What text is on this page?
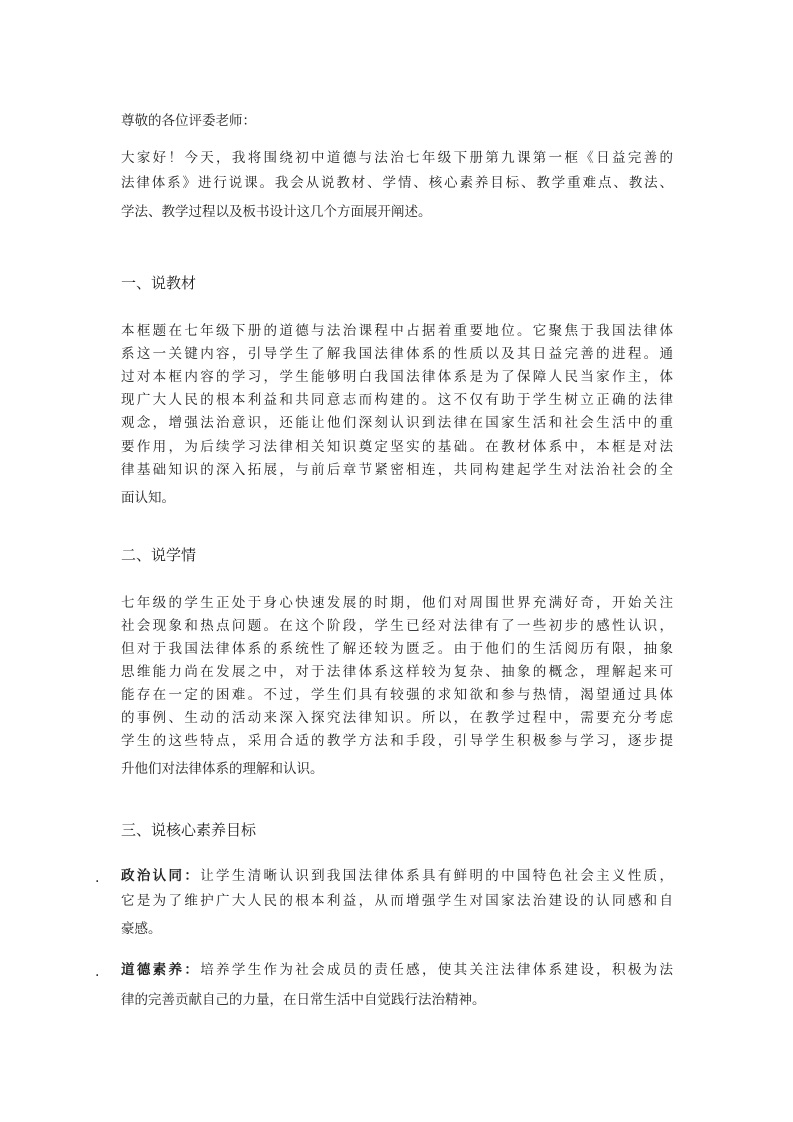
尊敬的各位评委老师：
大家好！今天，我将围绕初中道德与法治七年级下册第九课第一框《日益完善的
法律体系》进行说课。我会从说教材、学情、核心素养目标、教学重难点、教法、
学法、教学过程以及板书设计这几个方面展开阐述。
一、说教材
本框题在七年级下册的道德与法治课程中占据着重要地位。它聚焦于我国法律体
系这一关键内容，引导学生了解我国法律体系的性质以及其日益完善的进程。通
过对本框内容的学习，学生能够明白我国法律体系是为了保障人民当家作主，体
现广大人民的根本利益和共同意志而构建的。这不仅有助于学生树立正确的法律
观念，增强法治意识，还能让他们深刻认识到法律在国家生活和社会生活中的重
要作用，为后续学习法律相关知识奠定坚实的基础。在教材体系中，本框是对法
律基础知识的深入拓展，与前后章节紧密相连，共同构建起学生对法治社会的全
面认知。
二、说学情
七年级的学生正处于身心快速发展的时期，他们对周围世界充满好奇，开始关注
社会现象和热点问题。在这个阶段，学生已经对法律有了一些初步的感性认识，
但对于我国法律体系的系统性了解还较为匮乏。由于他们的生活阅历有限，抽象
思维能力尚在发展之中，对于法律体系这样较为复杂、抽象的概念，理解起来可
能存在一定的困难。不过，学生们具有较强的求知欲和参与热情，渴望通过具体
的事例、生动的活动来深入探究法律知识。所以，在教学过程中，需要充分考虑
学生的这些特点，采用合适的教学方法和手段，引导学生积极参与学习，逐步提
升他们对法律体系的理解和认识。
三、说核心素养目标
. 政治认同：让学生清晰认识到我国法律体系具有鲜明的中国特色社会主义性质，
它是为了维护广大人民的根本利益，从而增强学生对国家法治建设的认同感和自
豪感。
. 道德素养：培养学生作为社会成员的责任感，使其关注法律体系建设，积极为法
律的完善贡献自己的力量，在日常生活中自觉践行法治精神。
